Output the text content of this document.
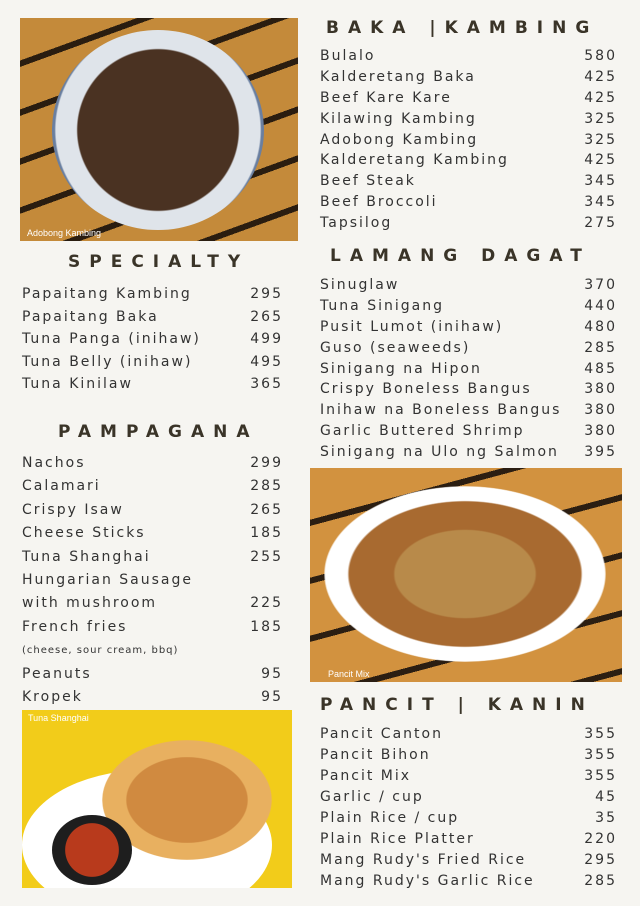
Adobong Kambing
SPECIALTY
Papaitang Kambing	295
Papaitang Baka	265
Tuna Panga (inihaw)	499
Tuna Belly (inihaw)	495
Tuna Kinilaw	365
PAMPAGANA
Nachos	299
Calamari	285
Crispy Isaw	265
Cheese Sticks	185
Tuna Shanghai	255
Hungarian Sausage
with mushroom	225
French fries	185
(cheese, sour cream, bbq)
Peanuts	95
Kropek	95
Tuna Shanghai
BAKA |KAMBING
Bulalo	580
Kalderetang Baka	425
Beef Kare Kare	425
Kilawing Kambing	325
Adobong Kambing	325
Kalderetang Kambing	425
Beef Steak	345
Beef Broccoli	345
Tapsilog	275
LAMANG DAGAT
Sinuglaw	370
Tuna Sinigang	440
Pusit Lumot (inihaw)	480
Guso (seaweeds)	285
Sinigang na Hipon	485
Crispy Boneless Bangus	380
Inihaw na Boneless Bangus 380
Garlic Buttered Shrimp	380
Sinigang na Ulo ng Salmon 395
Pancit Mix
PANCIT | KANIN
Pancit Canton	355
Pancit Bihon	355
Pancit Mix	355
Garlic / cup	45
Plain Rice / cup	35
Plain Rice Platter	220
Mang Rudy's Fried Rice	295
Mang Rudy's Garlic Rice	285
